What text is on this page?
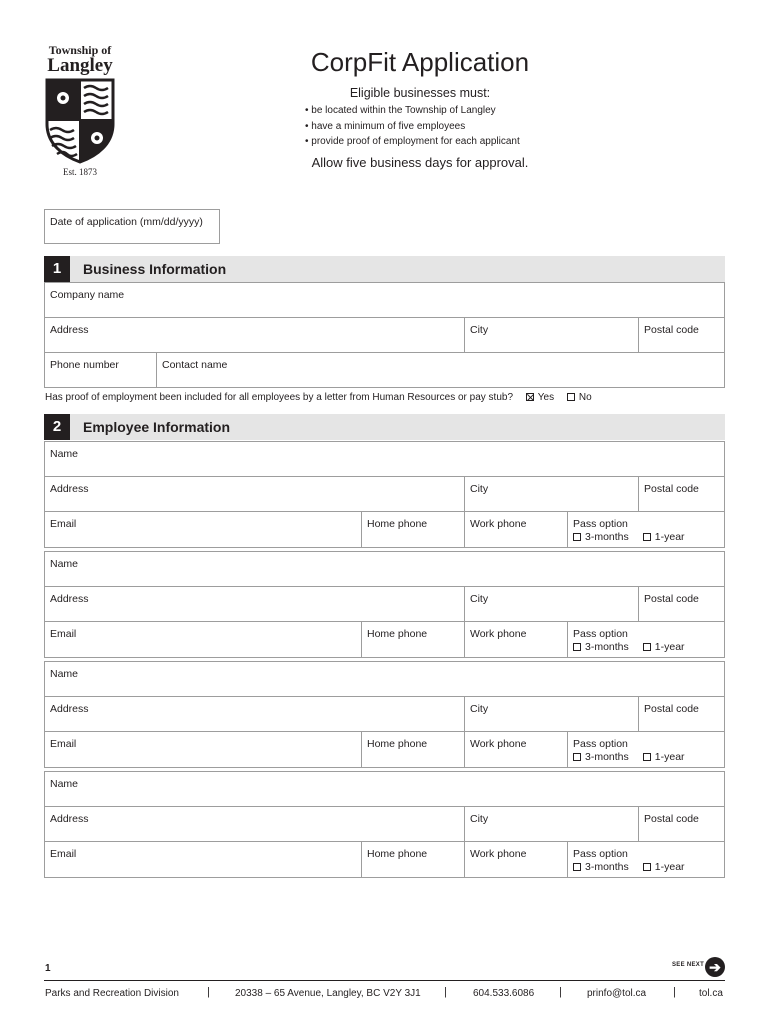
Township of
Langley
Est. 1873
CorpFit Application
Eligible businesses must:
• be located within the Township of Langley
• have a minimum of five employees
• provide proof of employment for each applicant
Allow five business days for approval.
Date of application (mm/dd/yyyy)
1	Business Information
Company name
Address	City	Postal code
Phone number	Contact name
Has proof of employment been included for all employees by a letter from Human Resources or pay stub? Yes No
2	Employee Information
Name
Address	City	Postal code
Email	Home phone	Work phone	Pass option
3-months 1-year
Name
Address	City	Postal code
Email	Home phone	Work phone	Pass option
3-months 1-year
Name
Address	City	Postal code
Email	Home phone	Work phone	Pass option
3-months 1-year
Name
Address	City	Postal code
Email	Home phone	Work phone	Pass option
3-months 1-year
1	SEE NEXT ➔
Parks and Recreation Division	|	20338 – 65 Avenue, Langley, BC V2Y 3J1 |	604.533.6086 |	prinfo@tol.ca | tol.ca
